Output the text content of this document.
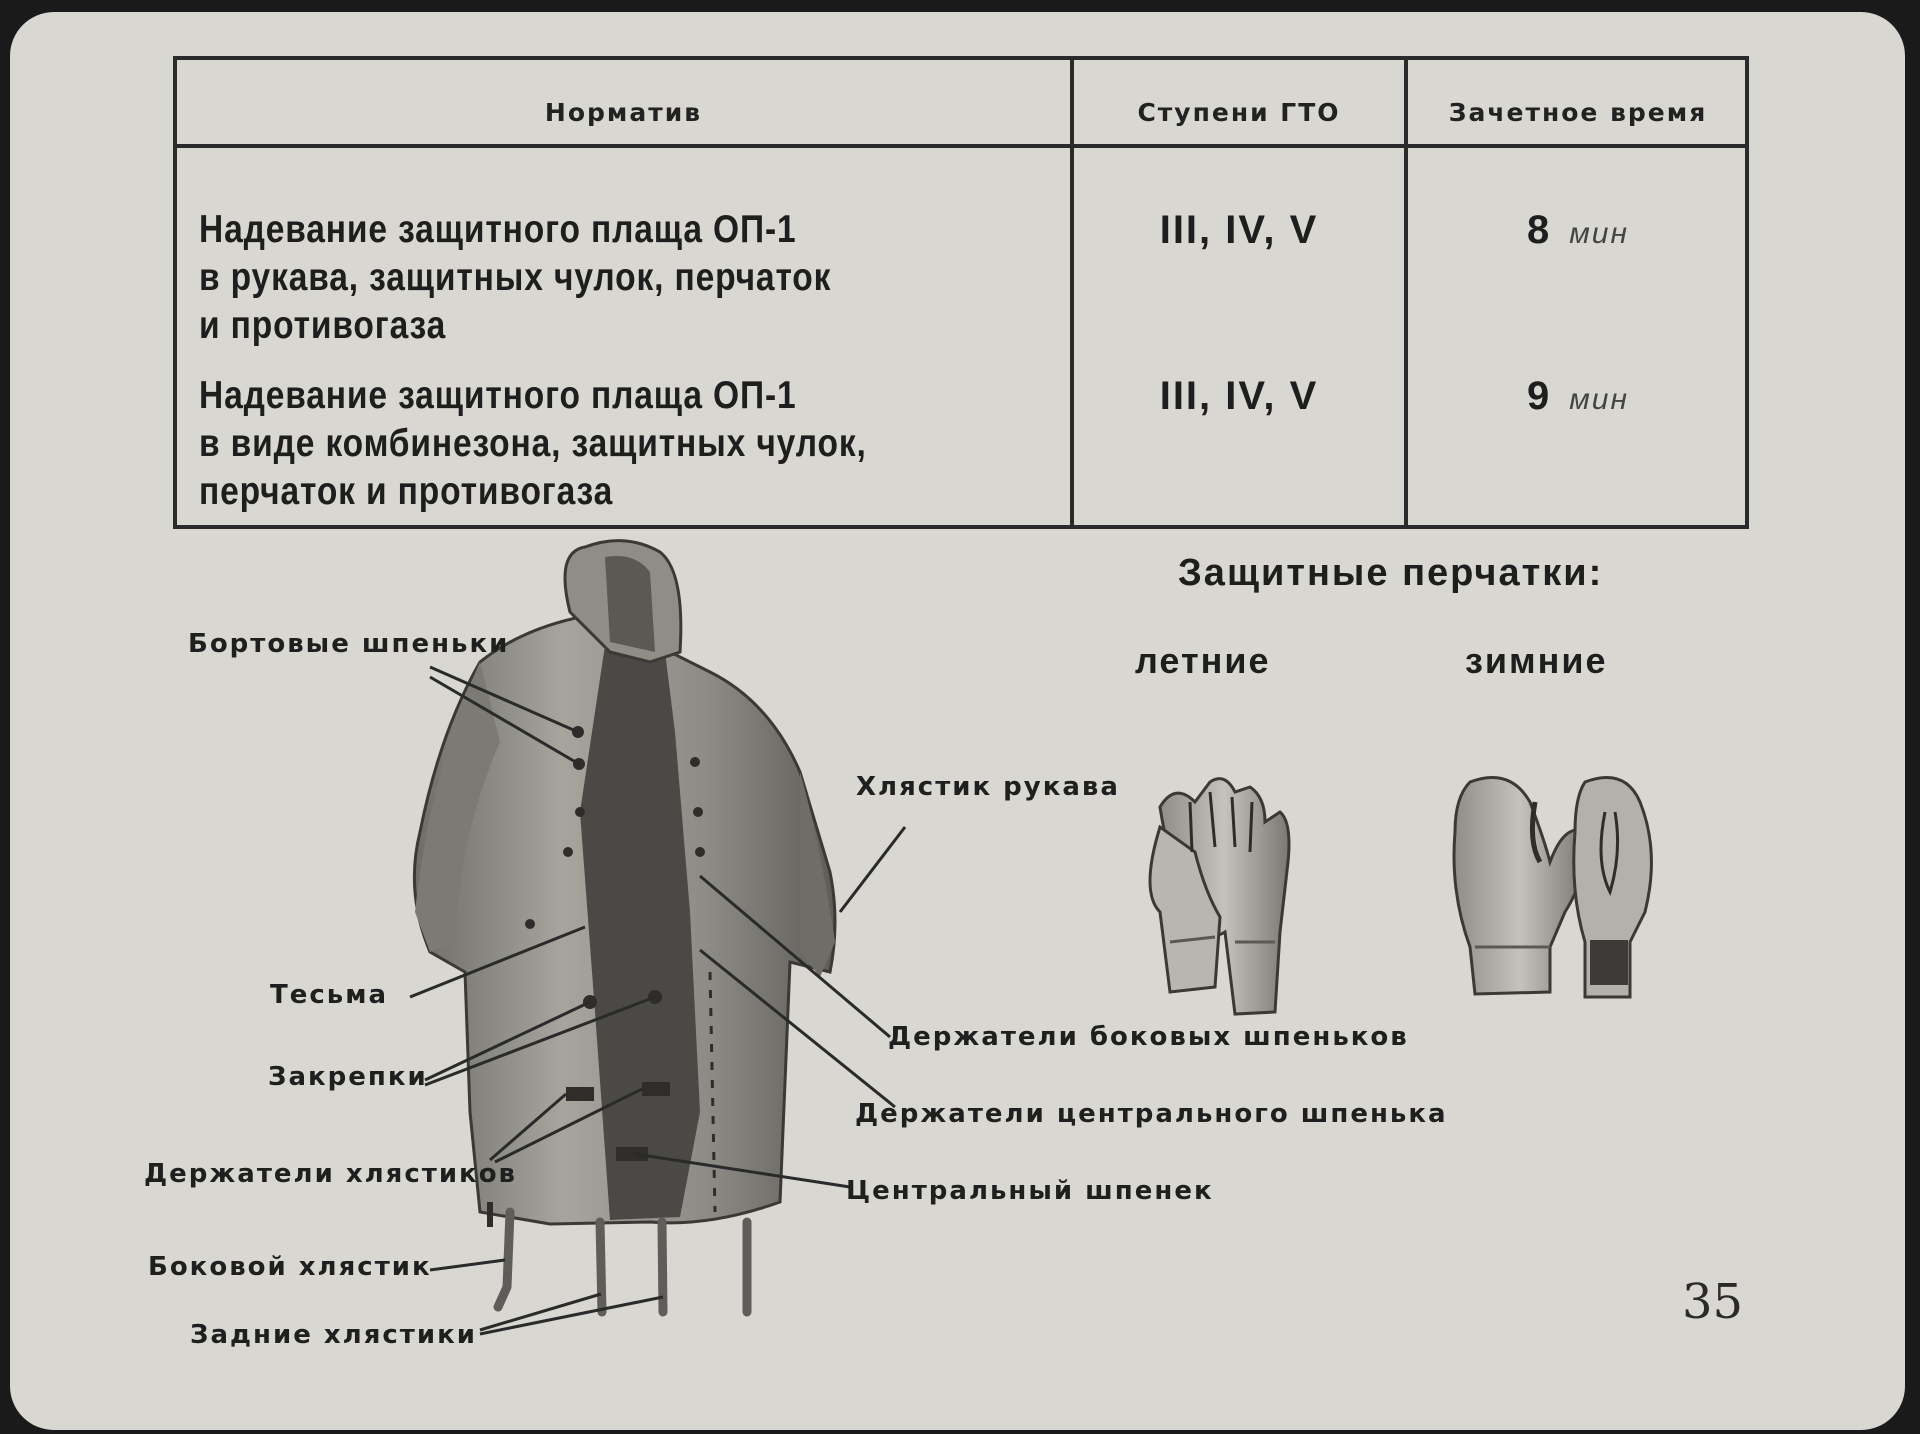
Норматив	Ступени ГТО	Зачетное время
Надевание защитного плаща ОП-1
в рукава, защитных чулок, перчаток
и противогаза
III, IV, V	8 мин
Надевание защитного плаща ОП-1
в виде комбинезона, защитных чулок,
перчаток и противогаза
III, IV, V	9 мин
Бортовые шпеньки
Тесьма
Закрепки
Держатели хлястиков
Боковой хлястик
Задние хлястики
Хлястик рукава
Держатели боковых шпеньков
Держатели центрального шпенька
Центральный шпенек
Защитные перчатки:
летние	зимние
35
